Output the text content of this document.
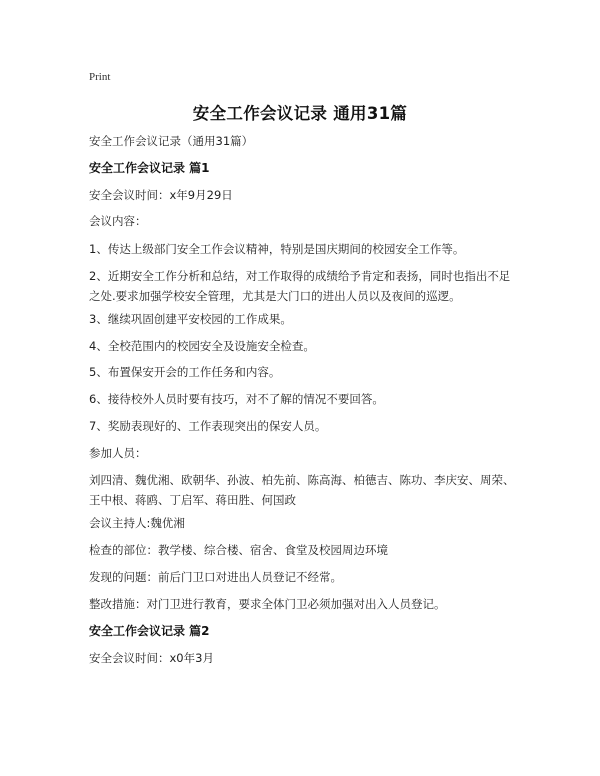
Print
安全工作会议记录 通用31篇
安全工作会议记录（通用31篇）
安全工作会议记录 篇1
安全会议时间：x年9月29日
会议内容：
1、传达上级部门安全工作会议精神，特别是国庆期间的校园安全工作等。
2、近期安全工作分析和总结，对工作取得的成绩给予肯定和表扬，同时也指出不足之处.要求加强学校安全管理，尤其是大门口的进出人员以及夜间的巡逻。
3、继续巩固创建平安校园的工作成果。
4、全校范围内的校园安全及设施安全检查。
5、布置保安开会的工作任务和内容。
6、接待校外人员时要有技巧，对不了解的情况不要回答。
7、奖励表现好的、工作表现突出的保安人员。
参加人员：
刘四清、魏优湘、欧朝华、孙波、柏先前、陈高海、柏德吉、陈功、李庆安、周荣、王中根、蒋鸥、丁启军、蒋田胜、何国政
会议主持人:魏优湘
检查的部位：教学楼、综合楼、宿舍、食堂及校园周边环境
发现的问题：前后门卫口对进出人员登记不经常。
整改措施：对门卫进行教育，要求全体门卫必须加强对出入人员登记。
安全工作会议记录 篇2
安全会议时间：x0年3月
